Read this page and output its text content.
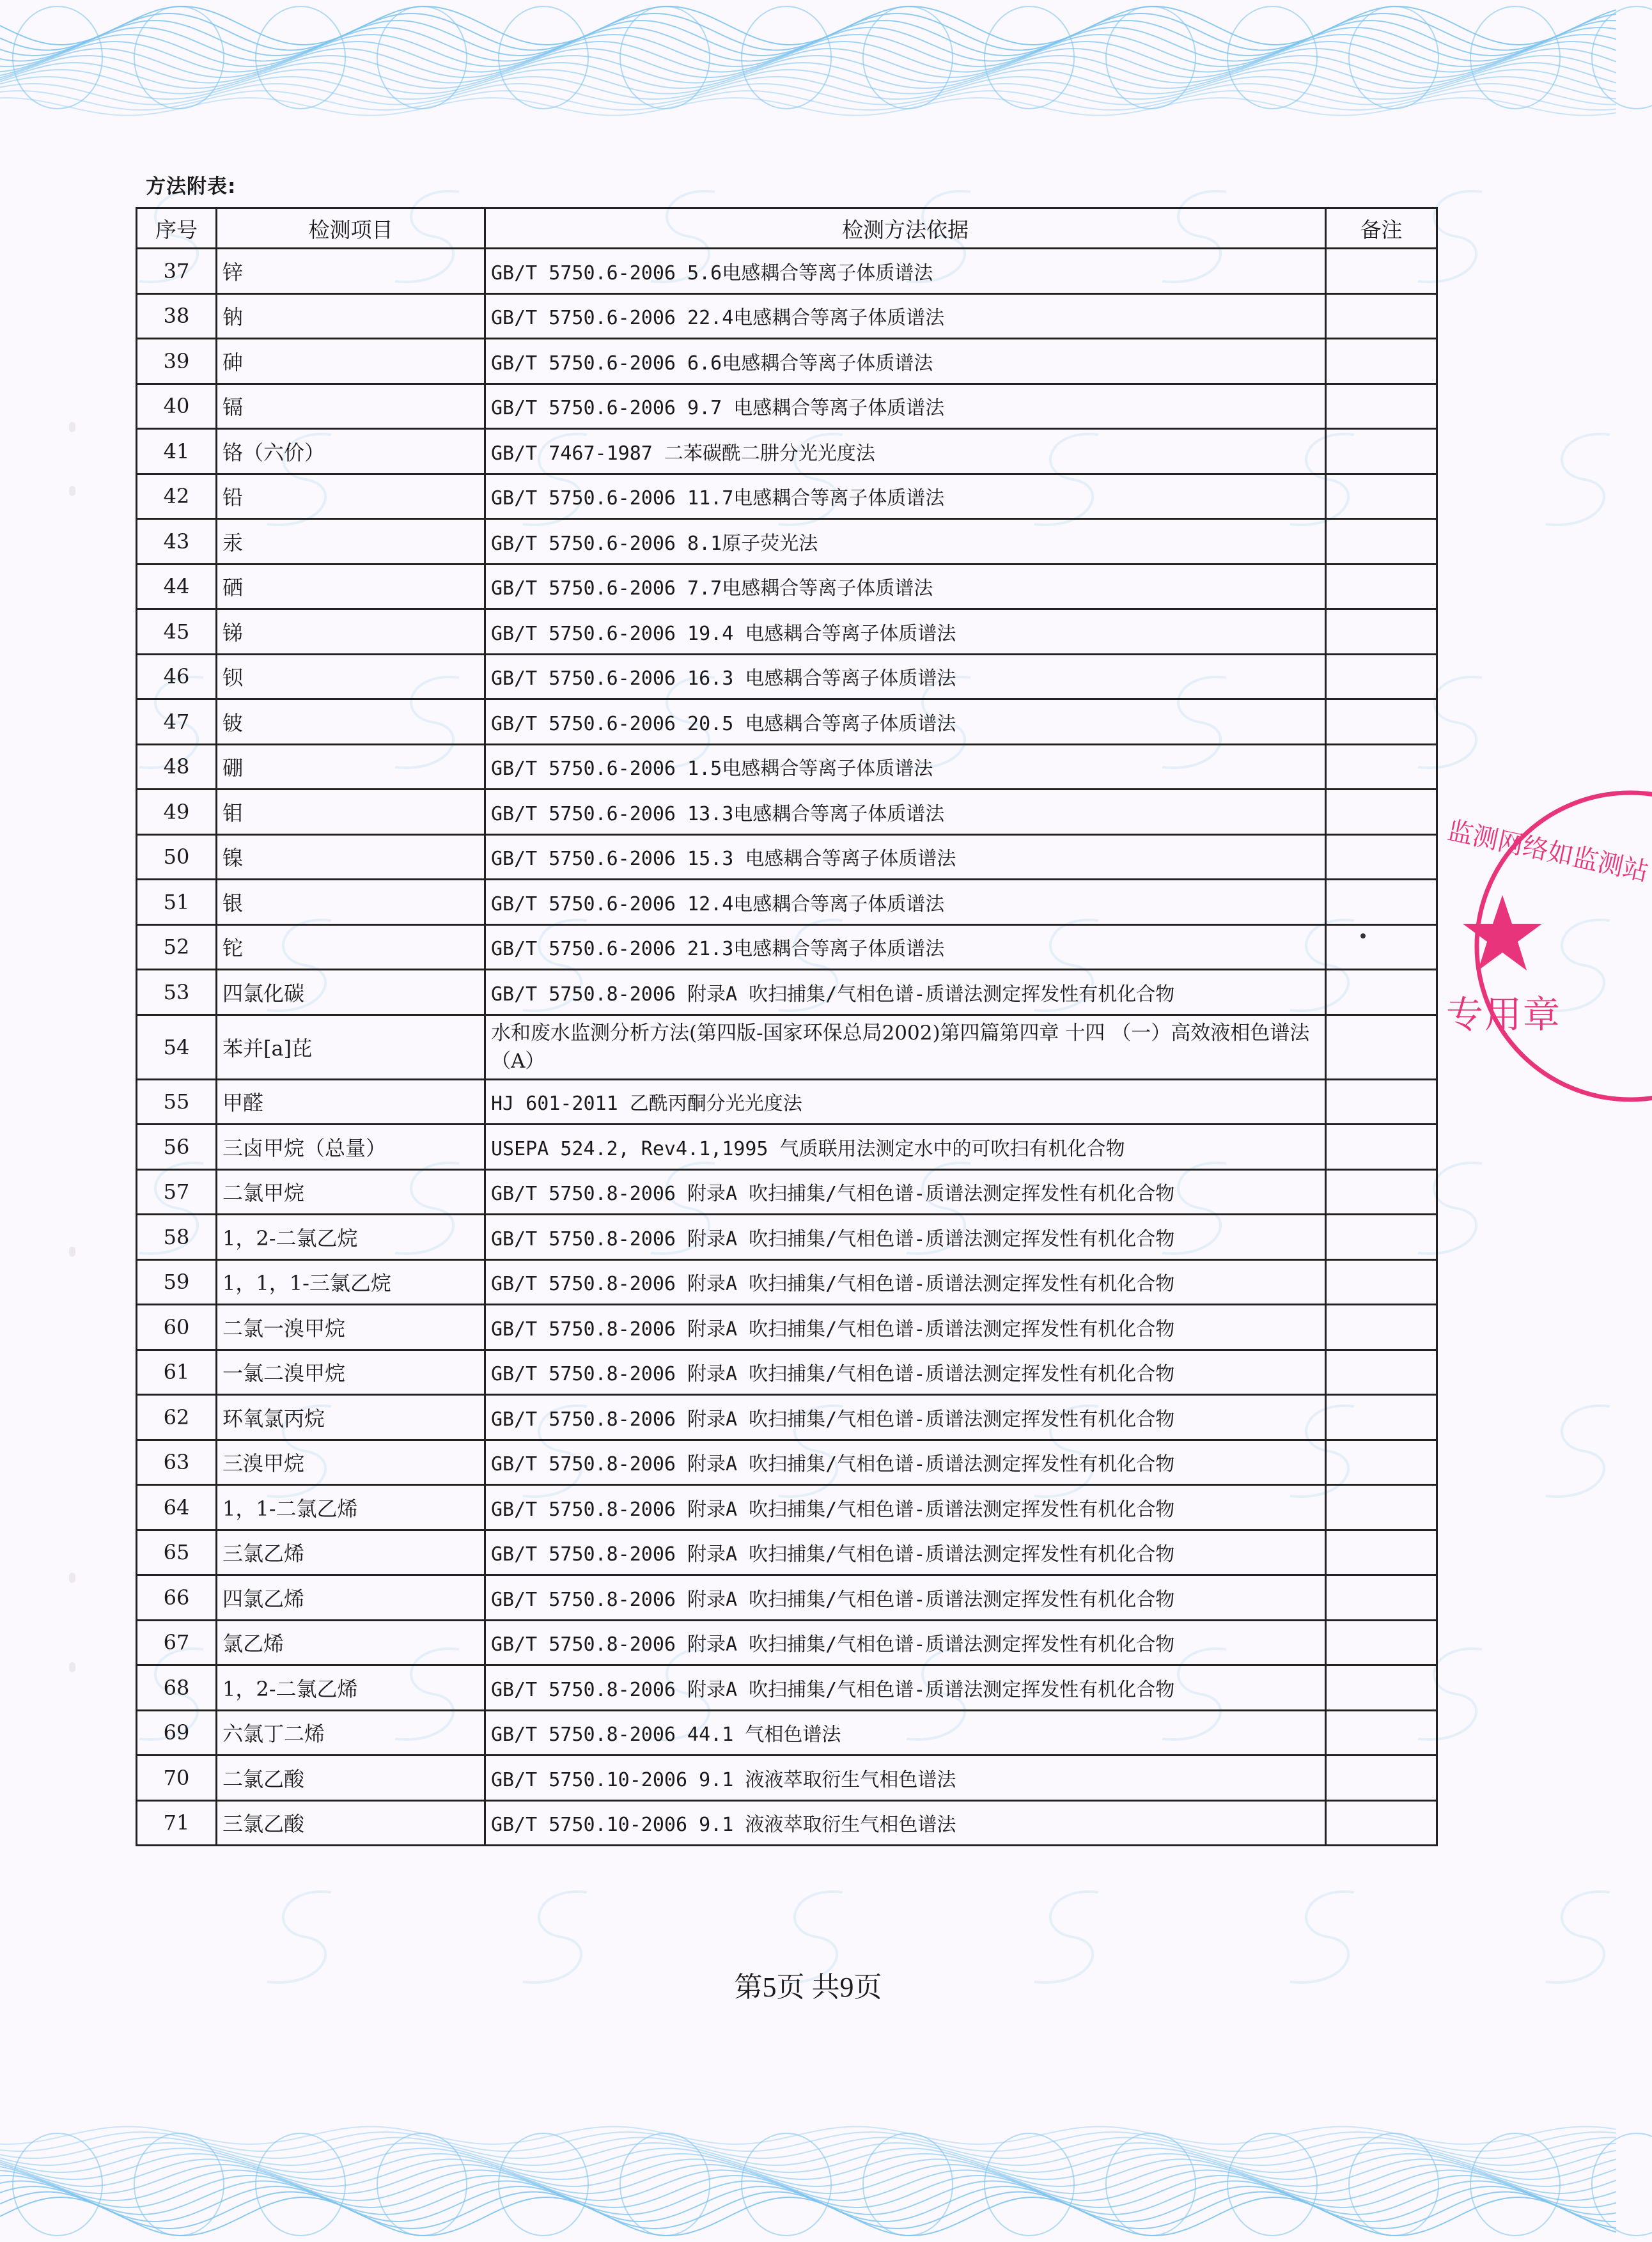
方法附表:
序号	检测项目	检测方法依据	备注
37	锌	GB/T 5750.6-2006 5.6电感耦合等离子体质谱法	
38	钠	GB/T 5750.6-2006 22.4电感耦合等离子体质谱法	
39	砷	GB/T 5750.6-2006 6.6电感耦合等离子体质谱法	
40	镉	GB/T 5750.6-2006 9.7 电感耦合等离子体质谱法	
41	铬（六价）	GB/T 7467-1987 二苯碳酰二肼分光光度法	
42	铅	GB/T 5750.6-2006 11.7电感耦合等离子体质谱法	
43	汞	GB/T 5750.6-2006 8.1原子荧光法	
44	硒	GB/T 5750.6-2006 7.7电感耦合等离子体质谱法	
45	锑	GB/T 5750.6-2006 19.4 电感耦合等离子体质谱法	
46	钡	GB/T 5750.6-2006 16.3 电感耦合等离子体质谱法	
47	铍	GB/T 5750.6-2006 20.5 电感耦合等离子体质谱法	
48	硼	GB/T 5750.6-2006 1.5电感耦合等离子体质谱法	
49	钼	GB/T 5750.6-2006 13.3电感耦合等离子体质谱法	
50	镍	GB/T 5750.6-2006 15.3 电感耦合等离子体质谱法	
51	银	GB/T 5750.6-2006 12.4电感耦合等离子体质谱法	
52	铊	GB/T 5750.6-2006 21.3电感耦合等离子体质谱法	
53	四氯化碳	GB/T 5750.8-2006 附录A 吹扫捕集/气相色谱-质谱法测定挥发性有机化合物	
54	苯并[a]芘	水和废水监测分析方法(第四版-国家环保总局2002)第四篇第四章 十四 （一）高效液相色谱法（A）	
55	甲醛	HJ 601-2011 乙酰丙酮分光光度法	
56	三卤甲烷（总量）	USEPA 524.2, Rev4.1,1995 气质联用法测定水中的可吹扫有机化合物	
57	二氯甲烷	GB/T 5750.8-2006 附录A 吹扫捕集/气相色谱-质谱法测定挥发性有机化合物	
58	1，2-二氯乙烷	GB/T 5750.8-2006 附录A 吹扫捕集/气相色谱-质谱法测定挥发性有机化合物	
59	1，1，1-三氯乙烷	GB/T 5750.8-2006 附录A 吹扫捕集/气相色谱-质谱法测定挥发性有机化合物	
60	二氯一溴甲烷	GB/T 5750.8-2006 附录A 吹扫捕集/气相色谱-质谱法测定挥发性有机化合物	
61	一氯二溴甲烷	GB/T 5750.8-2006 附录A 吹扫捕集/气相色谱-质谱法测定挥发性有机化合物	
62	环氧氯丙烷	GB/T 5750.8-2006 附录A 吹扫捕集/气相色谱-质谱法测定挥发性有机化合物	
63	三溴甲烷	GB/T 5750.8-2006 附录A 吹扫捕集/气相色谱-质谱法测定挥发性有机化合物	
64	1，1-二氯乙烯	GB/T 5750.8-2006 附录A 吹扫捕集/气相色谱-质谱法测定挥发性有机化合物	
65	三氯乙烯	GB/T 5750.8-2006 附录A 吹扫捕集/气相色谱-质谱法测定挥发性有机化合物	
66	四氯乙烯	GB/T 5750.8-2006 附录A 吹扫捕集/气相色谱-质谱法测定挥发性有机化合物	
67	氯乙烯	GB/T 5750.8-2006 附录A 吹扫捕集/气相色谱-质谱法测定挥发性有机化合物	
68	1，2-二氯乙烯	GB/T 5750.8-2006 附录A 吹扫捕集/气相色谱-质谱法测定挥发性有机化合物	
69	六氯丁二烯	GB/T 5750.8-2006 44.1 气相色谱法	
70	二氯乙酸	GB/T 5750.10-2006 9.1 液液萃取衍生气相色谱法	
71	三氯乙酸	GB/T 5750.10-2006 9.1 液液萃取衍生气相色谱法	
监测网络如监测站
专用章
第5页 共9页
